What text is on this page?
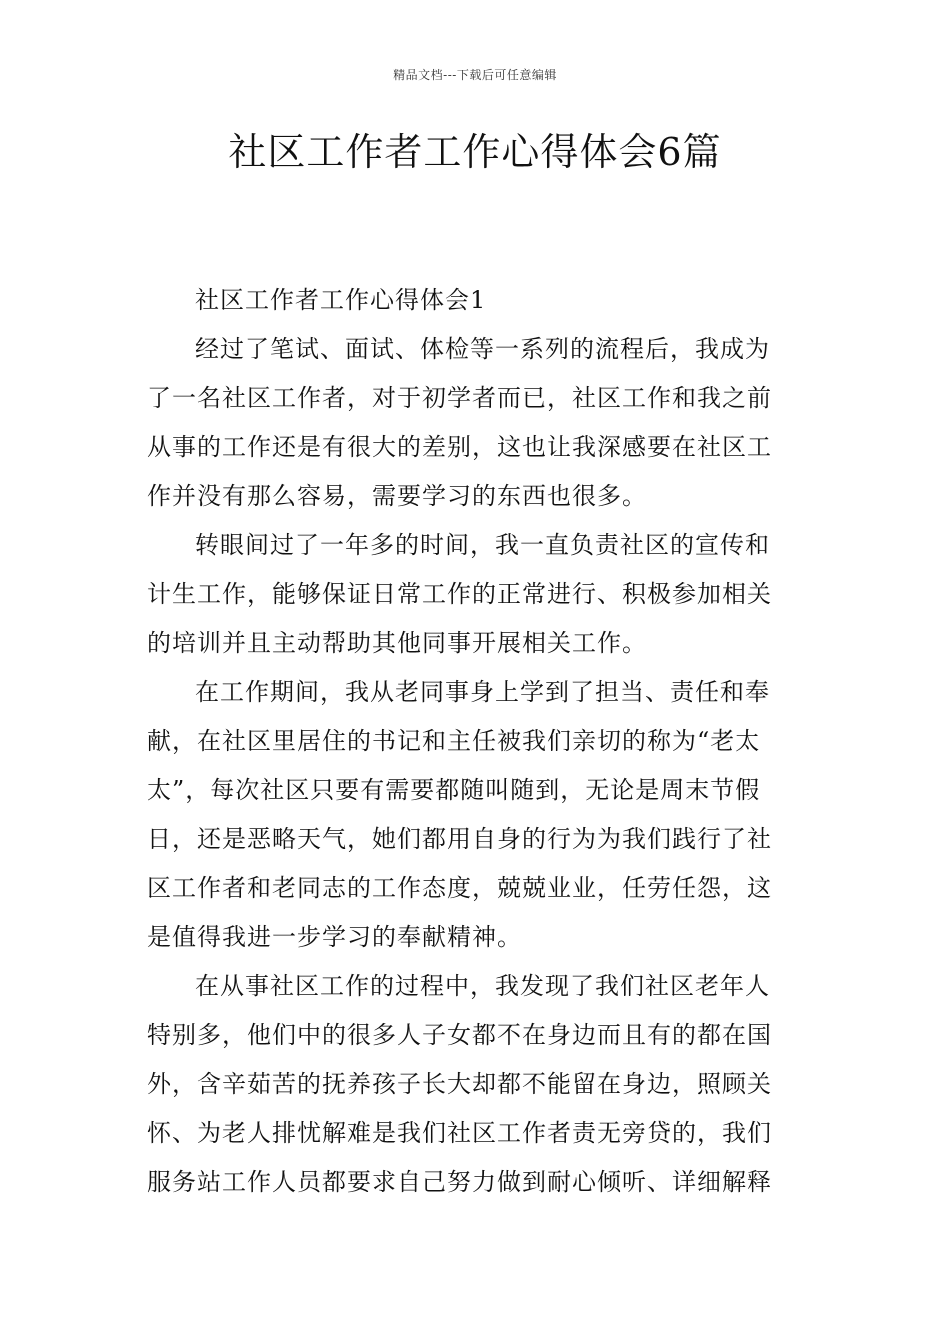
精品文档---下载后可任意编辑
社区工作者工作心得体会6篇

社区工作者工作心得体会1

经过了笔试、面试、体检等一系列的流程后，我成为
了一名社区工作者，对于初学者而已，社区工作和我之前
从事的工作还是有很大的差别，这也让我深感要在社区工
作并没有那么容易，需要学习的东西也很多。

转眼间过了一年多的时间，我一直负责社区的宣传和
计生工作，能够保证日常工作的正常进行、积极参加相关
的培训并且主动帮助其他同事开展相关工作。

在工作期间，我从老同事身上学到了担当、责任和奉
献，在社区里居住的书记和主任被我们亲切的称为“老太
太”，每次社区只要有需要都随叫随到，无论是周末节假
日，还是恶略天气，她们都用自身的行为为我们践行了社
区工作者和老同志的工作态度，兢兢业业，任劳任怨，这
是值得我进一步学习的奉献精神。

在从事社区工作的过程中，我发现了我们社区老年人
特别多，他们中的很多人子女都不在身边而且有的都在国
外，含辛茹苦的抚养孩子长大却都不能留在身边，照顾关
怀、为老人排忧解难是我们社区工作者责无旁贷的，我们
服务站工作人员都要求自己努力做到耐心倾听、详细解释
